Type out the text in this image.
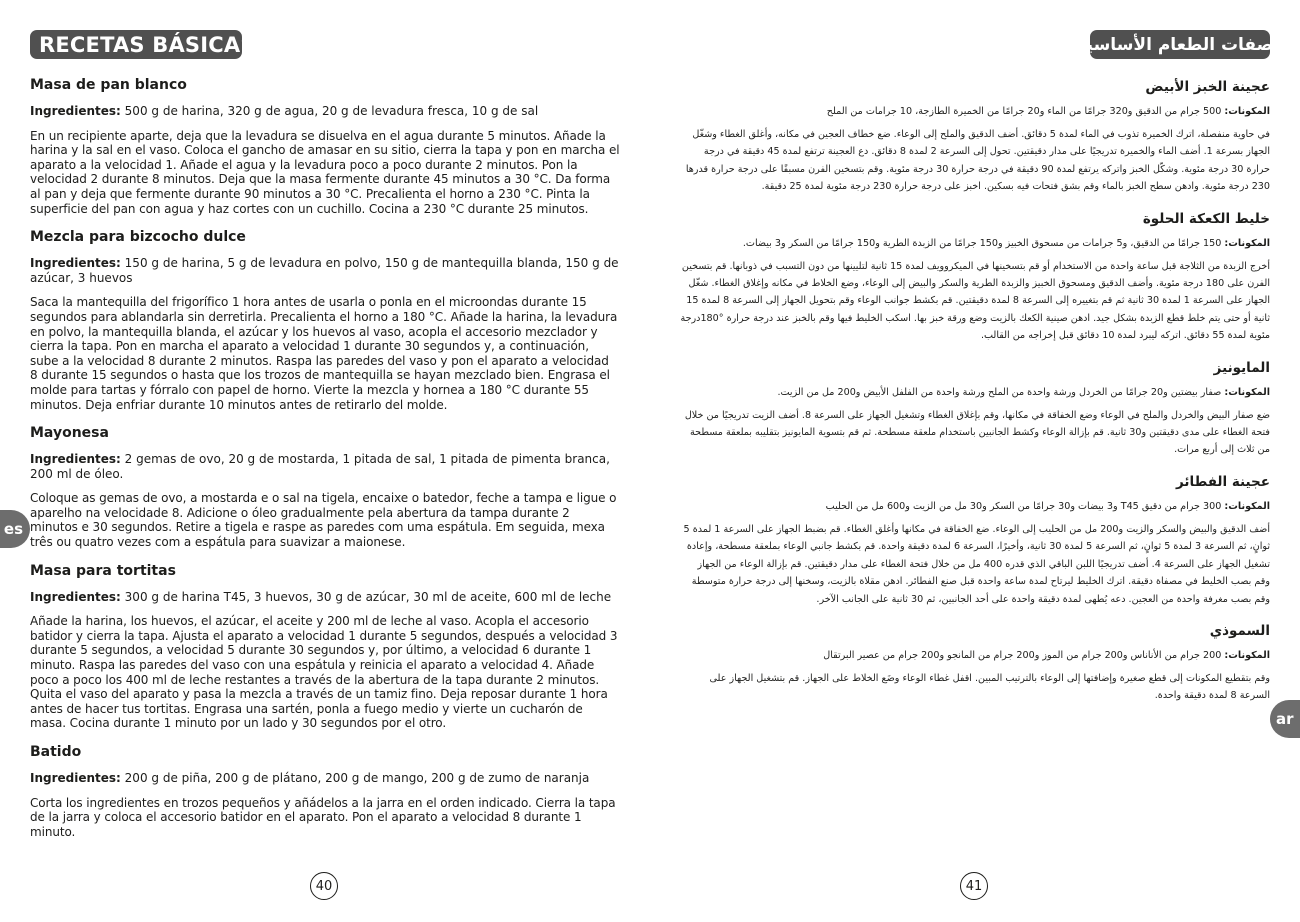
RECETAS BÁSICAS
Masa de pan blanco
Ingredientes: 500 g de harina, 320 g de agua, 20 g de levadura fresca, 10 g de sal
En un recipiente aparte, deja que la levadura se disuelva en el agua durante 5 minutos. Añade la harina y la sal en el vaso. Coloca el gancho de amasar en su sitio, cierra la tapa y pon en marcha el aparato a la velocidad 1. Añade el agua y la levadura poco a poco durante 2 minutos. Pon la velocidad 2 durante 8 minutos. Deja que la masa fermente durante 45 minutos a 30 °C. Da forma al pan y deja que fermente durante 90 minutos a 30 °C. Precalienta el horno a 230 °C. Pinta la superficie del pan con agua y haz cortes con un cuchillo. Cocina a 230 °C durante 25 minutos.
Mezcla para bizcocho dulce
Ingredientes: 150 g de harina, 5 g de levadura en polvo, 150 g de mantequilla blanda, 150 g de azúcar, 3 huevos
Saca la mantequilla del frigorífico 1 hora antes de usarla o ponla en el microondas durante 15 segundos para ablandarla sin derretirla. Precalienta el horno a 180 °C. Añade la harina, la levadura en polvo, la mantequilla blanda, el azúcar y los huevos al vaso, acopla el accesorio mezclador y cierra la tapa. Pon en marcha el aparato a velocidad 1 durante 30 segundos y, a continuación, sube a la velocidad 8 durante 2 minutos. Raspa las paredes del vaso y pon el aparato a velocidad 8 durante 15 segundos o hasta que los trozos de mantequilla se hayan mezclado bien. Engrasa el molde para tartas y fórralo con papel de horno. Vierte la mezcla y hornea a 180 °C durante 55 minutos. Deja enfriar durante 10 minutos antes de retirarlo del molde.
Mayonesa
Ingredientes: 2 gemas de ovo, 20 g de mostarda, 1 pitada de sal, 1 pitada de pimenta branca, 200 ml de óleo.
Coloque as gemas de ovo, a mostarda e o sal na tigela, encaixe o batedor, feche a tampa e ligue o aparelho na velocidade 8. Adicione o óleo gradualmente pela abertura da tampa durante 2 minutos e 30 segundos. Retire a tigela e raspe as paredes com uma espátula. Em seguida, mexa três ou quatro vezes com a espátula para suavizar a maionese.
Masa para tortitas
Ingredientes: 300 g de harina T45, 3 huevos, 30 g de azúcar, 30 ml de aceite, 600 ml de leche
Añade la harina, los huevos, el azúcar, el aceite y 200 ml de leche al vaso. Acopla el accesorio batidor y cierra la tapa. Ajusta el aparato a velocidad 1 durante 5 segundos, después a velocidad 3 durante 5 segundos, a velocidad 5 durante 30 segundos y, por último, a velocidad 6 durante 1 minuto. Raspa las paredes del vaso con una espátula y reinicia el aparato a velocidad 4. Añade poco a poco los 400 ml de leche restantes a través de la abertura de la tapa durante 2 minutos. Quita el vaso del aparato y pasa la mezcla a través de un tamiz fino. Deja reposar durante 1 hora antes de hacer tus tortitas. Engrasa una sartén, ponla a fuego medio y vierte un cucharón de masa. Cocina durante 1 minuto por un lado y 30 segundos por el otro.
Batido
Ingredientes: 200 g de piña, 200 g de plátano, 200 g de mango, 200 g de zumo de naranja
Corta los ingredientes en trozos pequeños y añádelos a la jarra en el orden indicado. Cierra la tapa de la jarra y coloca el accesorio batidor en el aparato. Pon el aparato a velocidad 8 durante 1 minuto.
es
40
وصفات الطعام الأساسية
عجينة الخبز الأبيض
المكونات: 500 جرام من الدقيق و320 جرامًا من الماء و20 جرامًا من الخميرة الطازجة، 10 جرامات من الملح
في حاوية منفصلة، اترك الخميرة تذوب في الماء لمدة 5 دقائق. أضف الدقيق والملح إلى الوعاء. ضع خطاف العجين في مكانه، وأغلق الغطاء وشغّل الجهاز بسرعة 1. أضف الماء والخميرة تدريجيًا على مدار دقيقتين. تحول إلى السرعة 2 لمدة 8 دقائق. دع العجينة ترتفع لمدة 45 دقيقة في درجة حرارة 30 درجة مئوية. وشكّل الخبز واتركه يرتفع لمدة 90 دقيقة في درجة حرارة 30 درجة مئوية. وقم بتسخين الفرن مسبقًا على درجة حرارة قدرها 230 درجة مئوية. وادهن سطح الخبز بالماء وقم بشق فتحات فيه بسكين. اخبز على درجة حرارة 230 درجة مئوية لمدة 25 دقيقة.
خليط الكعكة الحلوة
المكونات: 150 جرامًا من الدقيق، و5 جرامات من مسحوق الخبيز و150 جرامًا من الزبدة الطرية و150 جرامًا من السكر و3 بيضات.
أخرج الزبدة من الثلاجة قبل ساعة واحدة من الاستخدام أو قم بتسخينها في الميكروويف لمدة 15 ثانية لتليينها من دون التسبب في ذوبانها. قم بتسخين الفرن على 180 درجة مئوية. وأضف الدقيق ومسحوق الخبيز والزبدة الطرية والسكر والبيض إلى الوعاء، وضع الخلاط في مكانه وإغلاق الغطاء. شغّل الجهاز على السرعة 1 لمدة 30 ثانية ثم قم بتغييره إلى السرعة 8 لمدة دقيقتين. قم بكشط جوانب الوعاء وقم بتحويل الجهاز إلى السرعة 8 لمدة 15 ثانية أو حتى يتم خلط قطع الزبدة بشكل جيد. ادهن صينية الكعك بالزيت وضع ورقة خبز بها. اسكب الخليط فيها وقم بالخبز عند درجة حرارة °180درجة مئوية لمدة 55 دقائق. اتركه ليبرد لمدة 10 دقائق قبل إخراجه من القالب.
المايونيز
المكونات: صفار بيضتين و20 جرامًا من الخردل ورشة واحدة من الملح ورشة واحدة من الفلفل الأبيض و200 مل من الزيت.
ضع صفار البيض والخردل والملح في الوعاء وضع الخفاقة في مكانها، وقم بإغلاق الغطاء وتشغيل الجهاز على السرعة 8. أضف الزيت تدريجيًا من خلال فتحة الغطاء على مدى دقيقتين و30 ثانية. قم بإزالة الوعاء وكشط الجانبين باستخدام ملعقة مسطحة. ثم قم بتسوية المايونيز بتقليبه بملعقة مسطحة من ثلاث إلى أربع مرات.
عجينة الفطائر
المكونات: 300 جرام من دقيق T45 و3 بيضات و30 جرامًا من السكر و30 مل من الزيت و600 مل من الحليب
أضف الدقيق والبيض والسكر والزيت و200 مل من الحليب إلى الوعاء. ضع الخفاقة في مكانها وأغلق الغطاء. قم بضبط الجهاز على السرعة 1 لمدة 5 ثوانٍ، ثم السرعة 3 لمدة 5 ثوانٍ، ثم السرعة 5 لمدة 30 ثانية، وأخيرًا، السرعة 6 لمدة دقيقة واحدة. قم بكشط جانبي الوعاء بملعقة مسطحة، وإعادة تشغيل الجهاز على السرعة 4. أضف تدريجيًا اللبن الباقي الذي قدره 400 مل من خلال فتحة الغطاء على مدار دقيقتين. قم بإزالة الوعاء من الجهاز وقم بصب الخليط في مصفاة دقيقة. اترك الخليط ليرتاح لمدة ساعة واحدة قبل صنع الفطائر. ادهن مقلاة بالزيت، وسخنها إلى درجة حرارة متوسطة وقم بصب مغرفة واحدة من العجين. دعه يُطهى لمدة دقيقة واحدة على أحد الجانبين، ثم 30 ثانية على الجانب الآخر.
السموذي
المكونات: 200 جرام من الأناناس و200 جرام من الموز و200 جرام من المانجو و200 جرام من عصير البرتقال
وقم بتقطيع المكونات إلى قطع صغيرة وإضافتها إلى الوعاء بالترتيب المبين. اقفل غطاء الوعاء وضَع الخلاط على الجهاز. قم بتشغيل الجهاز على السرعة 8 لمدة دقيقة واحدة.
ar
41
